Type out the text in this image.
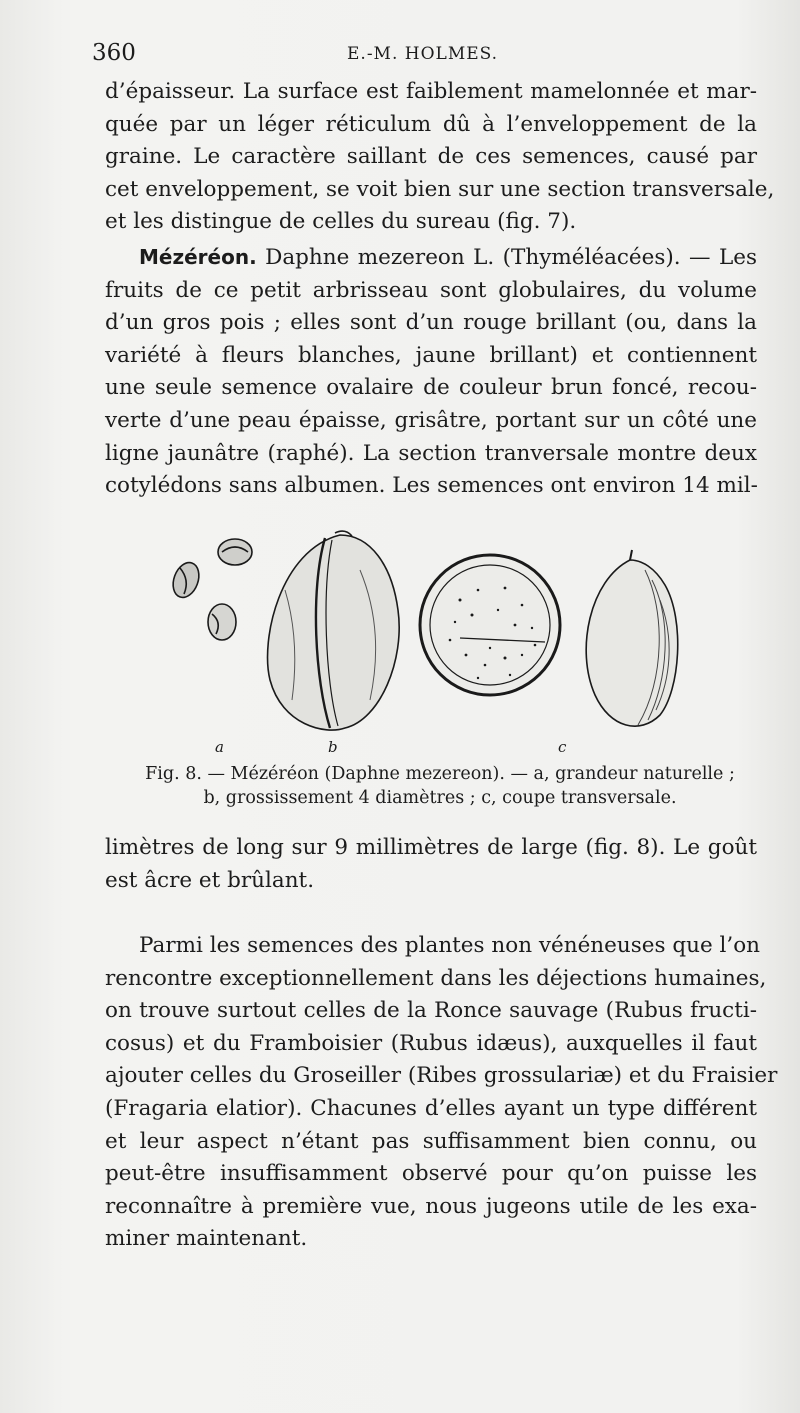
360	E.-M. HOLMES.

d’épaisseur. La surface est faiblement mamelonnée et mar-
quée par un léger réticulum dû à l’enveloppement de la
graine. Le caractère saillant de ces semences, causé par
cet enveloppement, se voit bien sur une section transversale,
et les distingue de celles du sureau (fig. 7).

Mézéréon. Daphne mezereon L. (Thyméléacées). — Les
fruits de ce petit arbrisseau sont globulaires, du volume
d’un gros pois ; elles sont d’un rouge brillant (ou, dans la
variété à fleurs blanches, jaune brillant) et contiennent
une seule semence ovalaire de couleur brun foncé, recou-
verte d’une peau épaisse, grisâtre, portant sur un côté une
ligne jaunâtre (raphé). La section tranversale montre deux
cotylédons sans albumen. Les semences ont environ 14 mil-

a	b	c
Fig. 8. — Mézéréon (Daphne mezereon). — a, grandeur naturelle ;
b, grossissement 4 diamètres ; c, coupe transversale.

limètres de long sur 9 millimètres de large (fig. 8). Le goût
est âcre et brûlant.

Parmi les semences des plantes non vénéneuses que l’on
rencontre exceptionnellement dans les déjections humaines,
on trouve surtout celles de la Ronce sauvage (Rubus fructi-
cosus) et du Framboisier (Rubus idæus), auxquelles il faut
ajouter celles du Groseiller (Ribes grossulariæ) et du Fraisier
(Fragaria elatior). Chacunes d’elles ayant un type différent
et leur aspect n’étant pas suffisamment bien connu, ou
peut-être insuffisamment observé pour qu’on puisse les
reconnaître à première vue, nous jugeons utile de les exa-
miner maintenant.
